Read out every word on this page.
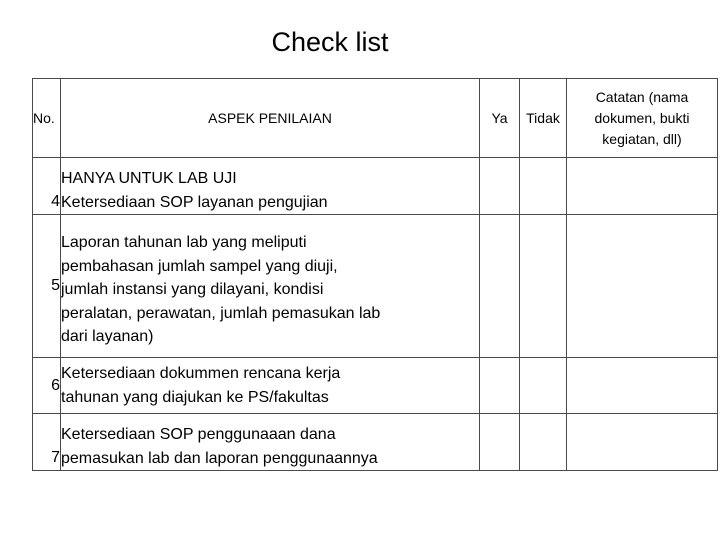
Check list
No.	ASPEK PENILAIAN	Ya	Tidak	Catatan (nama
dokumen, bukti
kegiatan, dll)

4	HANYA UNTUK LAB UJI
Ketersediaan SOP layanan pengujian			

5	Laporan tahunan lab yang meliputi
pembahasan jumlah sampel yang diuji,
jumlah instansi yang dilayani, kondisi
peralatan, perawatan, jumlah pemasukan lab
dari layanan)			

6	Ketersediaan dokummen rencana kerja
tahunan yang diajukan ke PS/fakultas			

7	Ketersediaan SOP penggunaaan dana
pemasukan lab dan laporan penggunaannya			
